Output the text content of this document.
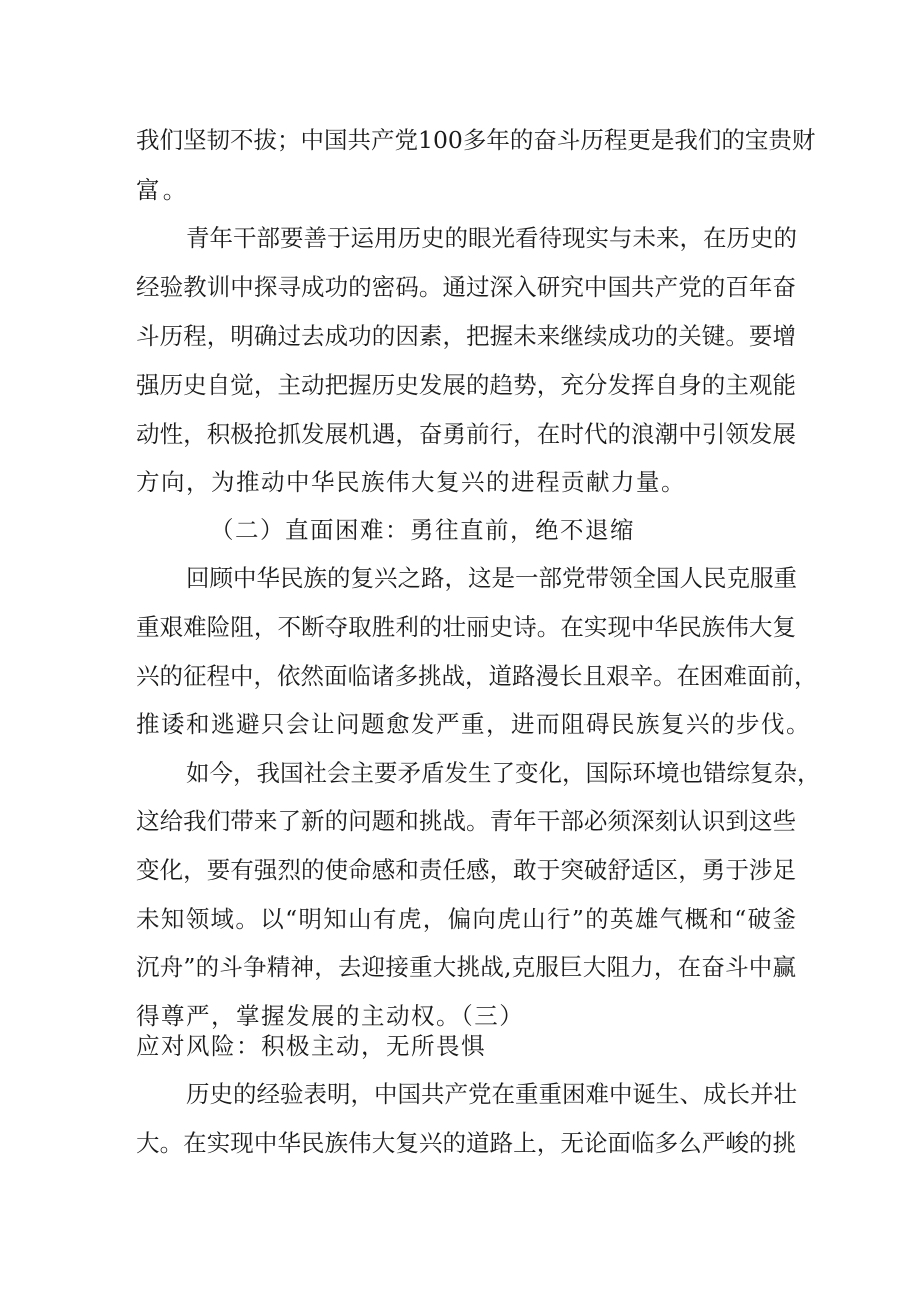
我们坚韧不拔；中国共产党100多年的奋斗历程更是我们的宝贵财
富。
青年干部要善于运用历史的眼光看待现实与未来，在历史的
经验教训中探寻成功的密码。通过深入研究中国共产党的百年奋
斗历程，明确过去成功的因素，把握未来继续成功的关键。要增
强历史自觉，主动把握历史发展的趋势，充分发挥自身的主观能
动性，积极抢抓发展机遇，奋勇前行，在时代的浪潮中引领发展
方向，为推动中华民族伟大复兴的进程贡献力量。
（二）直面困难：勇往直前，绝不退缩
回顾中华民族的复兴之路，这是一部党带领全国人民克服重
重艰难险阻，不断夺取胜利的壮丽史诗。在实现中华民族伟大复
兴的征程中，依然面临诸多挑战，道路漫长且艰辛。在困难面前，
推诿和逃避只会让问题愈发严重，进而阻碍民族复兴的步伐。
如今，我国社会主要矛盾发生了变化，国际环境也错综复杂，
这给我们带来了新的问题和挑战。青年干部必须深刻认识到这些
变化，要有强烈的使命感和责任感，敢于突破舒适区，勇于涉足
未知领域。以“明知山有虎，偏向虎山行”的英雄气概和“破釜
沉舟”的斗争精神，去迎接重大挑战,克服巨大阻力，在奋斗中赢
得尊严，掌握发展的主动权。（三）
应对风险：积极主动，无所畏惧
历史的经验表明，中国共产党在重重困难中诞生、成长并壮
大。在实现中华民族伟大复兴的道路上，无论面临多么严峻的挑
